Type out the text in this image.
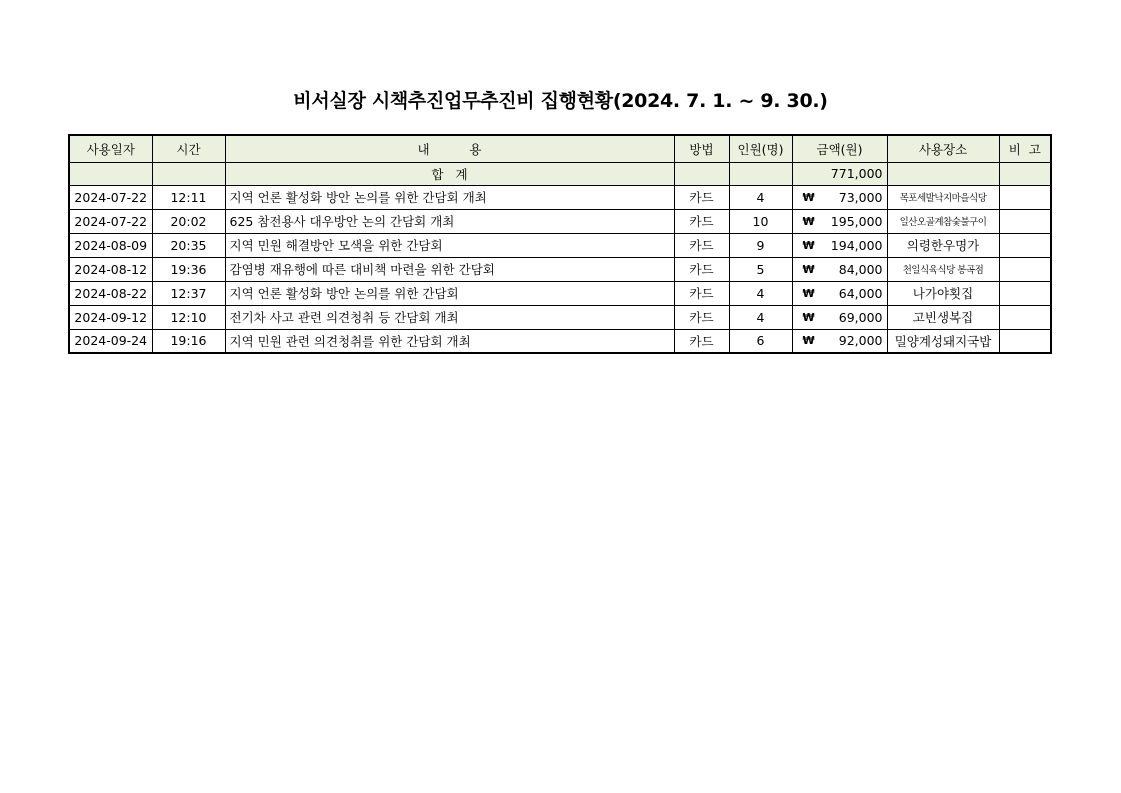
비서실장 시책추진업무추진비 집행현황(2024. 7. 1. ~ 9. 30.)
사용일자	시간	내          용	방법	인원(명)	금액(원)	사용장소	비  고
		합   계			771,000		
2024-07-22	12:11	지역 언론 활성화 방안 논의를 위한 간담회 개최	카드	4	₩ 73,000	목포세발낙지마을식당	
2024-07-22	20:02	625 참전용사 대우방안 논의 간담회 개최	카드	10	₩ 195,000	일산오골계참숯불구이	
2024-08-09	20:35	지역 민원 해결방안 모색을 위한 간담회	카드	9	₩ 194,000	의령한우명가	
2024-08-12	19:36	감염병 재유행에 따른 대비책 마련을 위한 간담회	카드	5	₩ 84,000	천일식육식당 봉곡점	
2024-08-22	12:37	지역 언론 활성화 방안 논의를 위한 간담회	카드	4	₩ 64,000	나가야횟집	
2024-09-12	12:10	전기차 사고 관련 의견청취 등 간담회 개최	카드	4	₩ 69,000	고빈생복집	
2024-09-24	19:16	지역 민원 관련 의견청취를 위한 간담회 개최	카드	6	₩ 92,000	밀양계성돼지국밥	
